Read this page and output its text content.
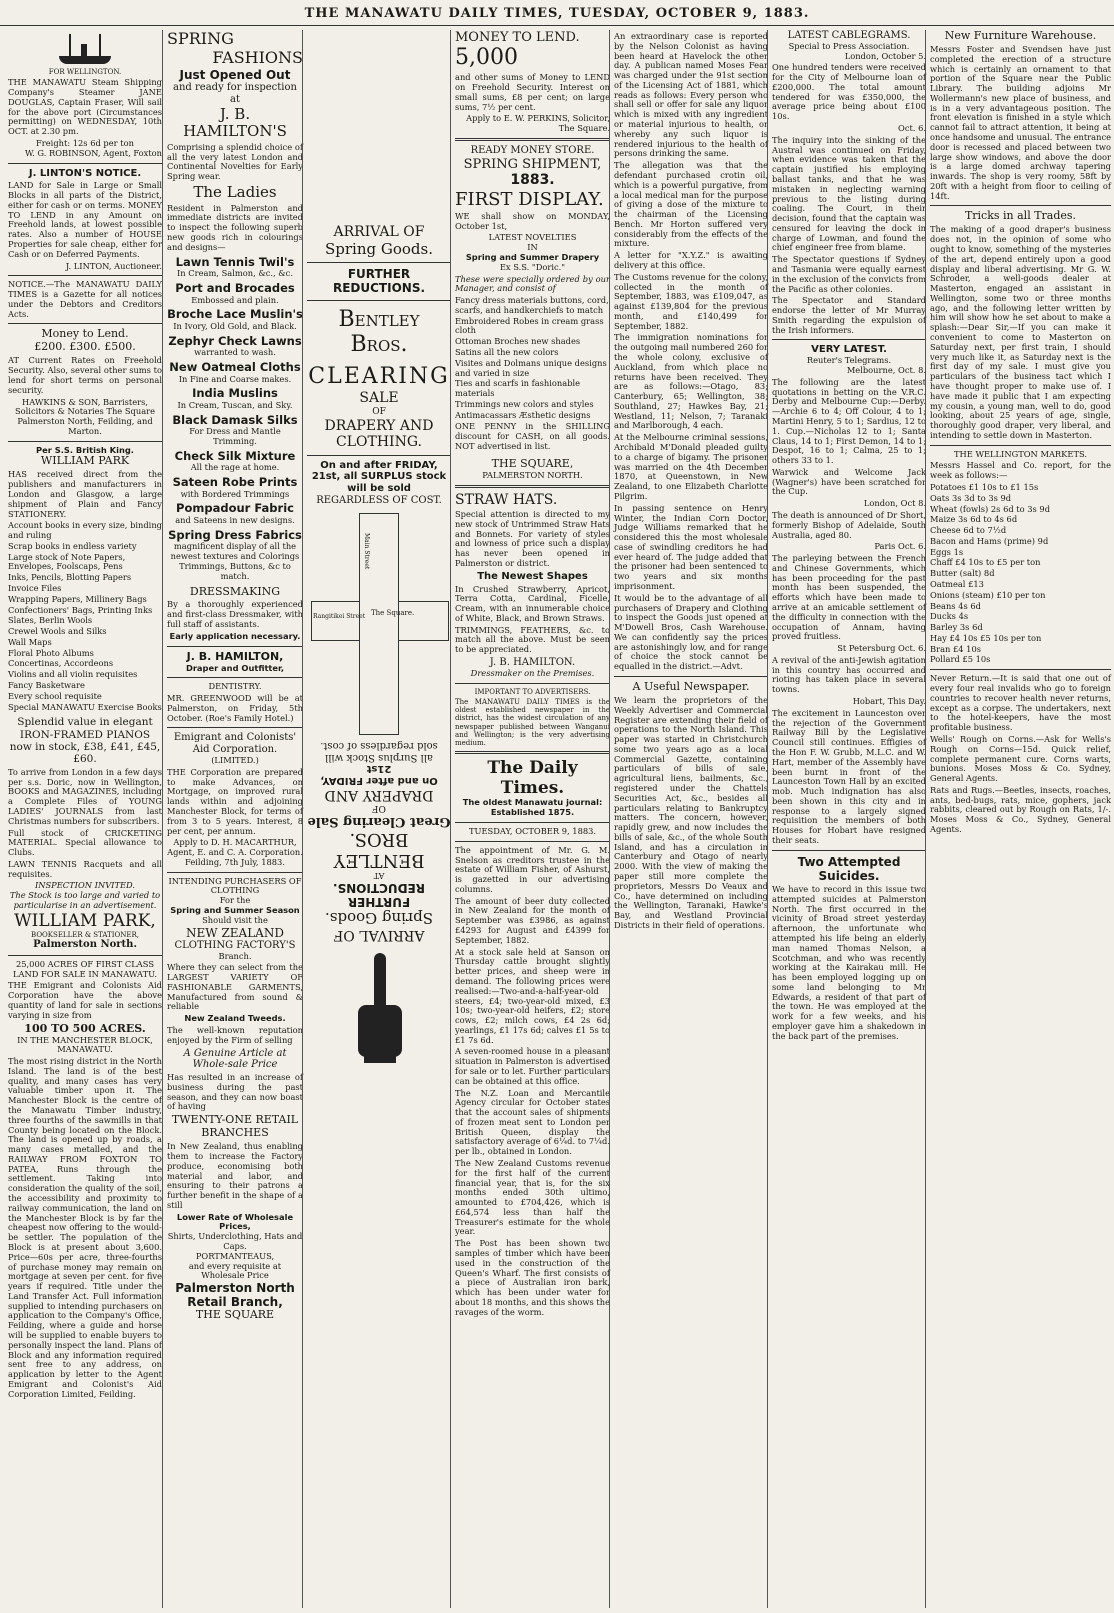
THE MANAWATU DAILY TIMES, TUESDAY, OCTOBER 9, 1883.
FOR WELLINGTON.
THE MANAWATU Steam Shipping Company's Steamer JANE DOUGLAS, Captain Fraser, Will sail for the above port (Circumstances permitting) on WEDNESDAY, 10th OCT. at 2.30 pm.
Freight: 12s 6d per ton
W. G. ROBINSON, Agent, Foxton
J. LINTON'S NOTICE.
LAND for Sale in Large or Small Blocks in all parts of the District, either for cash or on terms. MONEY TO LEND in any Amount on Freehold lands, at lowest possible rates. Also a number of HOUSE Properties for sale cheap, either for Cash or on Deferred Payments.
J. LINTON, Auctioneer.
NOTICE.—The MANAWATU DAILY TIMES is a Gazette for all notices under the Debtors and Creditors Acts.
Money to Lend.
£200. £300. £500.
AT Current Rates on Freehold Security. Also, several other sums to lend for short terms on personal security.
HAWKINS & SON, Barristers, Solicitors & Notaries The Square Palmerston North, Feilding, and Marton.
Per S.S. British King.
WILLIAM PARK
HAS received direct from the publishers and manufacturers in London and Glasgow, a large shipment of Plain and Fancy STATIONERY.
Account books in every size, binding and ruling
Scrap books in endless variety
Large stock of Note Papers, Envelopes, Foolscaps, Pens
Inks, Pencils, Blotting Papers
Invoice Files
Wrapping Papers, Millinery Bags
Confectioners' Bags, Printing Inks
Slates, Berlin Wools
Crewel Wools and Silks
Wall Maps
Floral Photo Albums
Concertinas, Accordeons
Violins and all violin requisites
Fancy Basketware
Every school requisite
Special MANAWATU Exercise Books
Splendid value in elegant IRON-FRAMED PIANOS now in stock, £38, £41, £45, £60.
To arrive from London in a few days per s.s. Doric, now in Wellington, BOOKS and MAGAZINES, including a Complete Files of YOUNG LADIES' JOURNALS from last Christmas numbers for subscribers.
Full stock of CRICKETING MATERIAL. Special allowance to Clubs.
LAWN TENNIS Racquets and all requisites.
INSPECTION INVITED.
The Stock is too large and varied to particularise in an advertisement.
WILLIAM PARK,
BOOKSELLER & STATIONER,
Palmerston North.
25,000 ACRES OF FIRST CLASS LAND FOR SALE IN MANAWATU.
THE Emigrant and Colonists Aid Corporation have the above quantity of land for sale in sections varying in size from
100 TO 500 ACRES.
IN THE MANCHESTER BLOCK, MANAWATU.
The most rising district in the North Island. The land is of the best quality, and many cases has very valuable timber upon it. The Manchester Block is the centre of the Manawatu Timber industry, three fourths of the sawmills in that County being located on the Block. The land is opened up by roads, a many cases metalled, and the RAILWAY FROM FOXTON TO PATEA, Runs through the settlement. Taking into consideration the quality of the soil, the accessibility and proximity to railway communication, the land on the Manchester Block is by far the cheapest now offering to the would-be settler. The population of the Block is at present about 3,600. Price—60s per acre, three-fourths of purchase money may remain on mortgage at seven per cent. for five years if required. Title under the Land Transfer Act. Full information supplied to intending purchasers on application to the Company's Office, Feilding, where a guide and horse will be supplied to enable buyers to personally inspect the land. Plans of Block and any information required sent free to any address, on application by letter to the Agent Emigrant and Colonist's Aid Corporation Limited, Feilding.
SPRING
FASHIONS
Just Opened Out
and ready for inspection at
J. B. HAMILTON'S
Comprising a splendid choice of all the very latest London and Continental Novelties for Early Spring wear.
The Ladies
Resident in Palmerston and immediate districts are invited to inspect the following superb new goods rich in colourings and designs—
Lawn Tennis Twil's
In Cream, Salmon, &c., &c.
Port and Brocades
Embossed and plain.
Broche Lace Muslin's
In Ivory, Old Gold, and Black.
Zephyr Check Lawns
warranted to wash.
New Oatmeal Cloths
In Fine and Coarse makes.
India Muslins
In Cream, Tuscan, and Sky.
Black Damask Silks
For Dress and Mantle Trimming.
Check Silk Mixture
All the rage at home.
Sateen Robe Prints
with Bordered Trimmings
Pompadour Fabric
and Sateens in new designs.
Spring Dress Fabrics
magnificent display of all the newest textures and Colorings Trimmings, Buttons, &c to match.
DRESSMAKING
By a thoroughly experienced and first-class Dressmaker, with full staff of assistants.
Early application necessary.
J. B. HAMILTON,
Draper and Outfitter,
DENTISTRY.
MR. GREENWOOD will be at Palmerston, on Friday, 5th October. (Roe's Family Hotel.)
Emigrant and Colonists' Aid Corporation.
(LIMITED.)
THE Corporation are prepared to make Advances, on Mortgage, on improved rural lands within and adjoining Manchester Block, for terms of from 3 to 5 years. Interest, 8 per cent, per annum.
Apply to D. H. MACARTHUR, Agent, E. and C. A. Corporation. Feilding, 7th July, 1883.
INTENDING PURCHASERS OF CLOTHING
For the
Spring and Summer Season
Should visit the
NEW ZEALAND
CLOTHING FACTORY'S
Branch.
Where they can select from the LARGEST VARIETY OF FASHIONABLE GARMENTS, Manufactured from sound & reliable
New Zealand Tweeds.
The well-known reputation enjoyed by the Firm of selling
A Genuine Article at Whole-sale Price
Has resulted in an increase of business during the past season, and they can now boast of having
TWENTY-ONE RETAIL BRANCHES
In New Zealand, thus enabling them to increase the Factory produce, economising both material and labor, and ensuring to their patrons a further benefit in the shape of a still
Lower Rate of Wholesale Prices,
Shirts, Underclothing, Hats and Caps.
PORTMANTEAUS,
and every requisite at Wholesale Price
Palmerston North Retail Branch,
THE SQUARE
ARRIVAL OF
Spring Goods.
FURTHER REDUCTIONS.
Bentley Bros.
CLEARING
SALE
OF
DRAPERY AND
CLOTHING.
On and after FRIDAY, 21st, all SURPLUS stock will be sold
REGARDLESS OF COST.
The Square.
Main Street
Rangitikei Street
ARRIVAL OF
Spring Goods.
FURTHER REDUCTIONS.
AT
BENTLEY BROS.
Great Clearing Sale
OF
DRAPERY AND
On and after FRIDAY, 21st
all Surplus Stock will
sold regardless of cost.
MONEY TO LEND.
5,000
and other sums of Money to LEND on Freehold Security. Interest on small sums, £8 per cent; on large sums, 7½ per cent.
Apply to E. W. PERKINS, Solicitor, The Square.
READY MONEY STORE.
SPRING SHIPMENT,
1883.
FIRST DISPLAY.
WE shall show on MONDAY, October 1st,
LATEST NOVELTIES
IN
Spring and Summer Drapery
Ex S.S. "Doric."
These were specially ordered by our Manager, and consist of
Fancy dress materials buttons, cord, scarfs, and handkerchiefs to match
Embroidered Robes in cream grass cloth
Ottoman Broches new shades
Satins all the new colors
Visites and Dolmans unique designs and varied in size
Ties and scarfs in fashionable materials
Trimmings new colors and styles
Antimacassars Æsthetic designs
ONE PENNY in the SHILLING discount for CASH, on all goods. NOT advertised in list.
THE SQUARE,
PALMERSTON NORTH.
STRAW HATS.
Special attention is directed to my new stock of Untrimmed Straw Hats and Bonnets. For variety of styles and lowness of price such a display has never been opened in Palmerston or district.
The Newest Shapes
In Crushed Strawberry, Apricot, Terra Cotta, Cardinal, Ficelle, Cream, with an innumerable choice of White, Black, and Brown Straws.
TRIMMINGS, FEATHERS, &c. to match all the above. Must be seen to be appreciated.
J. B. HAMILTON.
Dressmaker on the Premises.
IMPORTANT TO ADVERTISERS.
The MANAWATU DAILY TIMES is the oldest established newspaper in the district, has the widest circulation of any newspaper published between Wanganui and Wellington; is the very advertising medium.
The Daily Times.
The oldest Manawatu journal: Established 1875.
TUESDAY, OCTOBER 9, 1883.
The appointment of Mr. G. M. Snelson as creditors trustee in the estate of William Fisher, of Ashurst, is gazetted in our advertising columns.
The amount of beer duty collected in New Zealand for the month of September was £3986, as against £4293 for August and £4399 for September, 1882.
At a stock sale held at Sanson on Thursday cattle brought slightly better prices, and sheep were in demand. The following prices were realised:—Two-and-a-half-year-old steers, £4; two-year-old mixed, £3 10s; two-year-old heifers, £2; store cows, £2; milch cows, £4 2s 6d; yearlings, £1 17s 6d; calves £1 5s to £1 7s 6d.
A seven-roomed house in a pleasant situation in Palmerston is advertised for sale or to let. Further particulars can be obtained at this office.
The N.Z. Loan and Mercantile Agency circular for October states that the account sales of shipments of frozen meat sent to London per British Queen, display the satisfactory average of 6¼d. to 7¼d. per lb., obtained in London.
The New Zealand Customs revenue for the first half of the current financial year, that is, for the six months ended 30th ultimo, amounted to £704,426, which is £64,574 less than half the Treasurer's estimate for the whole year.
The Post has been shown two samples of timber which have been used in the construction of the Queen's Wharf. The first consists of a piece of Australian iron bark, which has been under water for about 18 months, and this shows the ravages of the worm.
An extraordinary case is reported by the Nelson Colonist as having been heard at Havelock the other day. A publican named Moses Fear was charged under the 91st section of the Licensing Act of 1881, which reads as follows: Every person who shall sell or offer for sale any liquor which is mixed with any ingredient or material injurious to health, or whereby any such liquor is rendered injurious to the health of persons drinking the same.
The allegation was that the defendant purchased crotin oil, which is a powerful purgative, from a local medical man for the purpose of giving a dose of the mixture to the chairman of the Licensing Bench. Mr Horton suffered very considerably from the effects of the mixture.
A letter for "X.Y.Z." is awaiting delivery at this office.
The Customs revenue for the colony, collected in the month of September, 1883, was £109,047, as against £139,804 for the previous month, and £140,499 for September, 1882.
The immigration nominations for the outgoing mail numbered 260 for the whole colony, exclusive of Auckland, from which place no returns have been received. They are as follows:—Otago, 83; Canterbury, 65; Wellington, 38; Southland, 27; Hawkes Bay, 21; Westland, 11; Nelson, 7; Taranaki and Marlborough, 4 each.
At the Melbourne criminal sessions, Archibald M'Donald pleaded guilty to a charge of bigamy. The prisoner was married on the 4th December 1870, at Queenstown, in New Zealand, to one Elizabeth Charlotte Pilgrim.
In passing sentence on Henry Winter, the Indian Corn Doctor, Judge Williams remarked that he considered this the most wholesale case of swindling creditors he had ever heard of. The judge added that the prisoner had been sentenced to two years and six months imprisonment.
It would be to the advantage of all purchasers of Drapery and Clothing to inspect the Goods just opened at M'Dowell Bros, Cash Warehouse. We can confidently say the prices are astonishingly low, and for range of choice the stock cannot be equalled in the district.—Advt.
A Useful Newspaper.
We learn the proprietors of the Weekly Advertiser and Commercial Register are extending their field of operations to the North Island. This paper was started in Christchurch some two years ago as a local Commercial Gazette, containing particulars of bills of sale, agricultural liens, bailments, &c., registered under the Chattels Securities Act, &c., besides all particulars relating to Bankruptcy matters. The concern, however, rapidly grew, and now includes the bills of sale, &c., of the whole South Island, and has a circulation in Canterbury and Otago of nearly 2000. With the view of making the paper still more complete the proprietors, Messrs Do Veaux and Co., have determined on including the Wellington, Taranaki, Hawke's Bay, and Westland Provincial Districts in their field of operations.
LATEST CABLEGRAMS.
Special to Press Association.
London, October 5.
One hundred tenders were received for the City of Melbourne loan of £200,000. The total amount tendered for was £350,000, the average price being about £100 10s.
Oct. 6.
The inquiry into the sinking of the Austral was continued on Friday, when evidence was taken that the captain justified his employing ballast tanks, and that he was mistaken in neglecting warning previous to the listing during coaling. The Court, in their decision, found that the captain was censured for leaving the dock in charge of Lowman, and found the chief engineer free from blame.
The Spectator questions if Sydney and Tasmania were equally earnest in the exclusion of the convicts from the Pacific as other colonies.
The Spectator and Standard endorse the letter of Mr Murray Smith regarding the expulsion of the Irish informers.
VERY LATEST.
Reuter's Telegrams.
Melbourne, Oct. 8.
The following are the latest quotations in betting on the V.R.C. Derby and Melbourne Cup:—Derby.—Archie 6 to 4; Off Colour, 4 to 1; Martini Henry, 5 to 1; Sardius, 12 to 1. Cup.—Nicholas 12 to 1; Santa Claus, 14 to 1; First Demon, 14 to 1; Despot, 16 to 1; Calma, 25 to 1; others 33 to 1.
Warwick and Welcome Jack (Wagner's) have been scratched for the Cup.
London, Oct 8.
The death is announced of Dr Short, formerly Bishop of Adelaide, South Australia, aged 80.
Paris Oct. 6.
The parleying between the French and Chinese Governments, which has been proceeding for the past month has been suspended, the efforts which have been made to arrive at an amicable settlement of the difficulty in connection with the occupation of Annam, having proved fruitless.
St Petersburg Oct. 6.
A revival of the anti-Jewish agitation in this country has occurred and rioting has taken place in several towns.
Hobart, This Day.
The excitement in Launceston over the rejection of the Government Railway Bill by the Legislative Council still continues. Effigies of the Hon F. W. Grubb, M.L.C. and W. Hart, member of the Assembly have been burnt in front of the Launceston Town Hall by an excited mob. Much indignation has also been shown in this city and in response to a largely signed requisition the members of both Houses for Hobart have resigned their seats.
Two Attempted Suicides.
We have to record in this issue two attempted suicides at Palmerston North. The first occurred in the vicinity of Broad street yesterday afternoon, the unfortunate who attempted his life being an elderly man named Thomas Nelson, a Scotchman, and who was recently working at the Kairakau mill. He has been employed logging up on some land belonging to Mr Edwards, a resident of that part of the town. He was employed at the work for a few weeks, and his employer gave him a shakedown in the back part of the premises.
New Furniture Warehouse.
Messrs Foster and Svendsen have just completed the erection of a structure which is certainly an ornament to that portion of the Square near the Public Library. The building adjoins Mr Wollermann's new place of business, and is in a very advantageous position. The front elevation is finished in a style which cannot fail to attract attention, it being at once handsome and unusual. The entrance door is recessed and placed between two large show windows, and above the door is a large domed archway tapering inwards. The shop is very roomy, 58ft by 20ft with a height from floor to ceiling of 14ft.
Tricks in all Trades.
The making of a good draper's business does not, in the opinion of some who ought to know, something of the mysteries of the art, depend entirely upon a good display and liberal advertising. Mr G. W. Schroder, a well-goods dealer at Masterton, engaged an assistant in Wellington, some two or three months ago, and the following letter written by him will show how he set about to make a splash:—Dear Sir,—If you can make it convenient to come to Masterton on Saturday next, per first train, I should very much like it, as Saturday next is the first day of my sale. I must give you particulars of the business tact which I have thought proper to make use of. I have made it public that I am expecting my cousin, a young man, well to do, good looking, about 25 years of age, single, thoroughly good draper, very liberal, and intending to settle down in Masterton.
THE WELLINGTON MARKETS.
Messrs Hassel and Co. report, for the week as follows:—
Potatoes £1 10s to £1 15s
Oats 3s 3d to 3s 9d
Wheat (fowls) 2s 6d to 3s 9d
Maize 3s 6d to 4s 6d
Cheese 6d to 7½d
Bacon and Hams (prime) 9d
Eggs 1s
Chaff £4 10s to £5 per ton
Butter (salt) 8d
Oatmeal £13
Onions (steam) £10 per ton
Beans 4s 6d
Ducks 4s
Barley 3s 6d
Hay £4 10s £5 10s per ton
Bran £4 10s
Pollard £5 10s
Never Return.—It is said that one out of every four real invalids who go to foreign countries to recover health never returns, except as a corpse. The undertakers, next to the hotel-keepers, have the most profitable business.
Wells' Rough on Corns.—Ask for Wells's Rough on Corns—15d. Quick relief, complete permanent cure. Corns warts, bunions. Moses Moss & Co. Sydney, General Agents.
Rats and Rugs.—Beetles, insects, roaches, ants, bed-bugs, rats, mice, gophers, jack rabbits, cleared out by Rough on Rats, 1/-. Moses Moss & Co., Sydney, General Agents.
